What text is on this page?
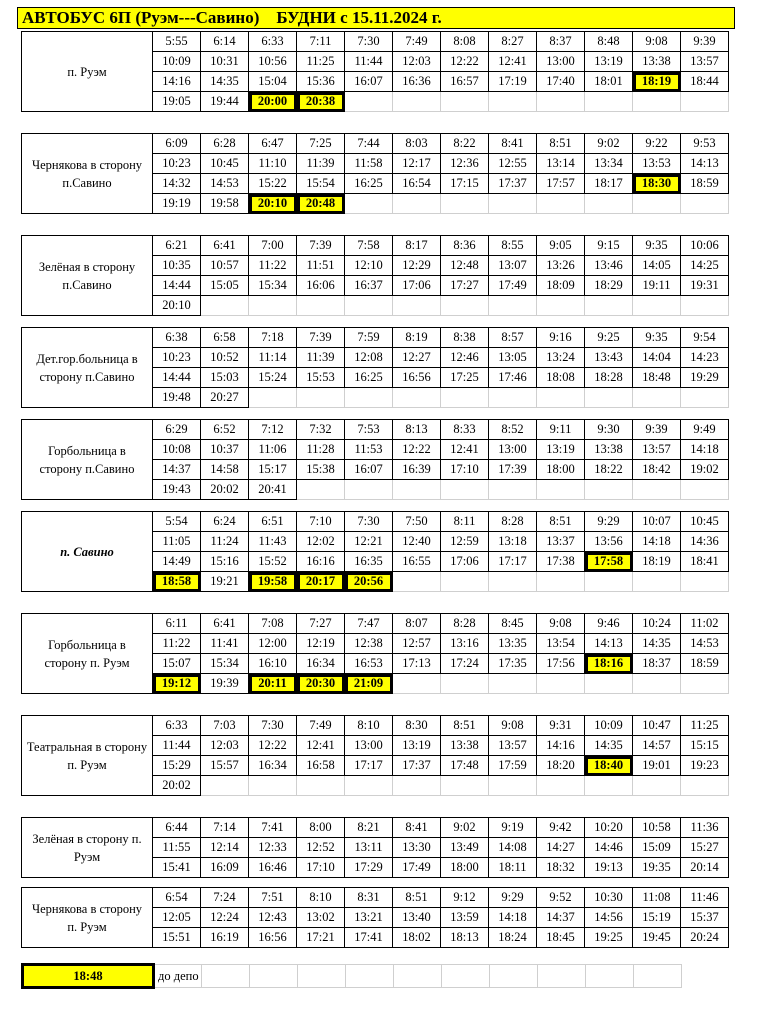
АВТОБУС 6П (Руэм---Савино)    БУДНИ с 15.11.2024 г.
п. Руэм	5:55	6:14	6:33	7:11	7:30	7:49	8:08	8:27	8:37	8:48	9:08	9:39
	10:09	10:31	10:56	11:25	11:44	12:03	12:22	12:41	13:00	13:19	13:38	13:57
	14:16	14:35	15:04	15:36	16:07	16:36	16:57	17:19	17:40	18:01	18:19	18:44
	19:05	19:44	20:00	20:38								
Чернякова в сторону п.Савино	6:09	6:28	6:47	7:25	7:44	8:03	8:22	8:41	8:51	9:02	9:22	9:53
	10:23	10:45	11:10	11:39	11:58	12:17	12:36	12:55	13:14	13:34	13:53	14:13
	14:32	14:53	15:22	15:54	16:25	16:54	17:15	17:37	17:57	18:17	18:30	18:59
	19:19	19:58	20:10	20:48								
Зелёная в сторону п.Савино	6:21	6:41	7:00	7:39	7:58	8:17	8:36	8:55	9:05	9:15	9:35	10:06
	10:35	10:57	11:22	11:51	12:10	12:29	12:48	13:07	13:26	13:46	14:05	14:25
	14:44	15:05	15:34	16:06	16:37	17:06	17:27	17:49	18:09	18:29	19:11	19:31
	20:10											
Дет.гор.больница в сторону п.Савино	6:38	6:58	7:18	7:39	7:59	8:19	8:38	8:57	9:16	9:25	9:35	9:54
	10:23	10:52	11:14	11:39	12:08	12:27	12:46	13:05	13:24	13:43	14:04	14:23
	14:44	15:03	15:24	15:53	16:25	16:56	17:25	17:46	18:08	18:28	18:48	19:29
	19:48	20:27										
Горбольница в сторону п.Савино	6:29	6:52	7:12	7:32	7:53	8:13	8:33	8:52	9:11	9:30	9:39	9:49
	10:08	10:37	11:06	11:28	11:53	12:22	12:41	13:00	13:19	13:38	13:57	14:18
	14:37	14:58	15:17	15:38	16:07	16:39	17:10	17:39	18:00	18:22	18:42	19:02
	19:43	20:02	20:41									
п. Савино	5:54	6:24	6:51	7:10	7:30	7:50	8:11	8:28	8:51	9:29	10:07	10:45
	11:05	11:24	11:43	12:02	12:21	12:40	12:59	13:18	13:37	13:56	14:18	14:36
	14:49	15:16	15:52	16:16	16:35	16:55	17:06	17:17	17:38	17:58	18:19	18:41
	18:58	19:21	19:58	20:17	20:56							
Горбольница в сторону п. Руэм	6:11	6:41	7:08	7:27	7:47	8:07	8:28	8:45	9:08	9:46	10:24	11:02
	11:22	11:41	12:00	12:19	12:38	12:57	13:16	13:35	13:54	14:13	14:35	14:53
	15:07	15:34	16:10	16:34	16:53	17:13	17:24	17:35	17:56	18:16	18:37	18:59
	19:12	19:39	20:11	20:30	21:09							
Театральная в сторону п. Руэм	6:33	7:03	7:30	7:49	8:10	8:30	8:51	9:08	9:31	10:09	10:47	11:25
	11:44	12:03	12:22	12:41	13:00	13:19	13:38	13:57	14:16	14:35	14:57	15:15
	15:29	15:57	16:34	16:58	17:17	17:37	17:48	17:59	18:20	18:40	19:01	19:23
	20:02											
Зелёная в сторону п. Руэм	6:44	7:14	7:41	8:00	8:21	8:41	9:02	9:19	9:42	10:20	10:58	11:36
	11:55	12:14	12:33	12:52	13:11	13:30	13:49	14:08	14:27	14:46	15:09	15:27
	15:41	16:09	16:46	17:10	17:29	17:49	18:00	18:11	18:32	19:13	19:35	20:14
Чернякова в сторону п. Руэм	6:54	7:24	7:51	8:10	8:31	8:51	9:12	9:29	9:52	10:30	11:08	11:46
	12:05	12:24	12:43	13:02	13:21	13:40	13:59	14:18	14:37	14:56	15:19	15:37
	15:51	16:19	16:56	17:21	17:41	18:02	18:13	18:24	18:45	19:25	19:45	20:24
18:48	до депо										
